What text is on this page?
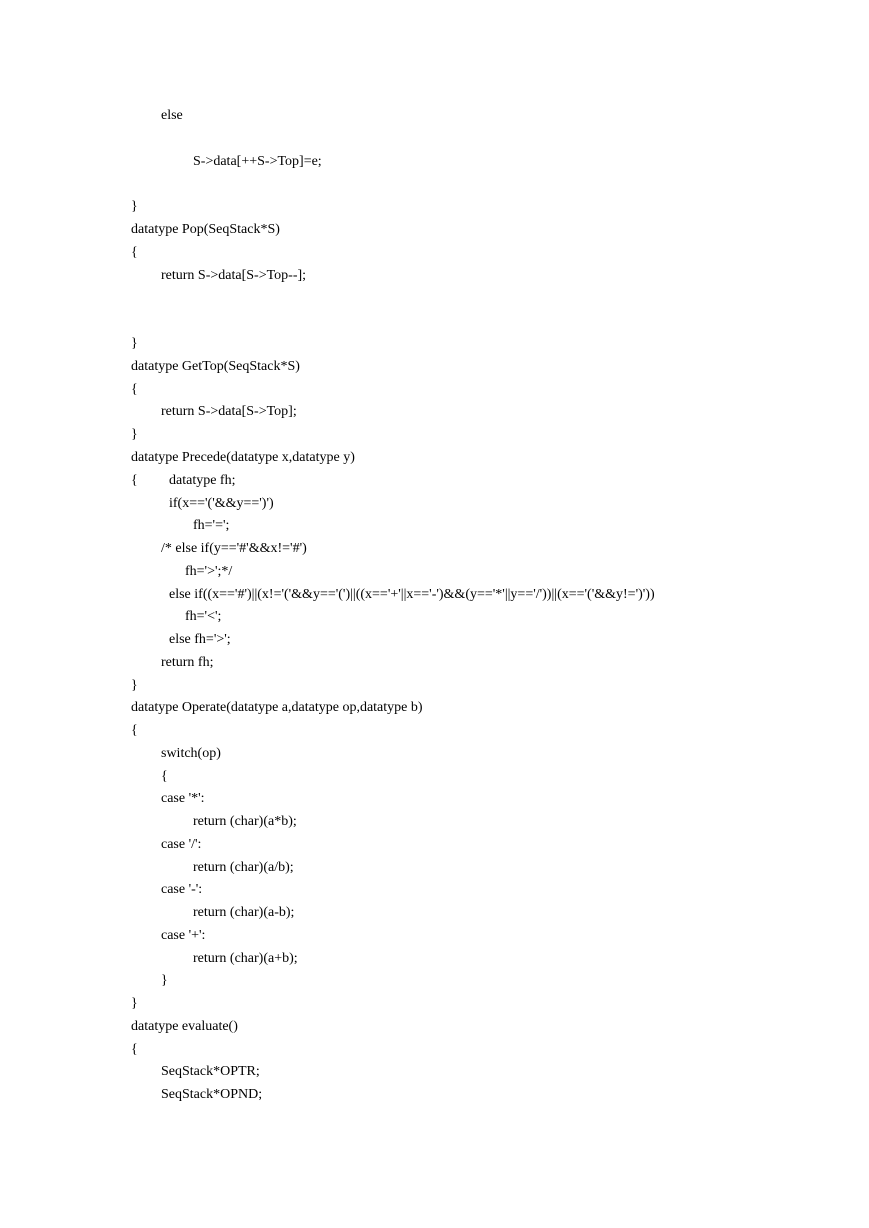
else
S->data[++S->Top]=e;
}
datatype Pop(SeqStack*S)
{
return S->data[S->Top--];
}
datatype GetTop(SeqStack*S)
{
return S->data[S->Top];
}
datatype Precede(datatype x,datatype y)
{ datatype fh;
if(x=='('&&y==')')
fh='=';
/* else if(y=='#'&&x!='#')
fh='>';*/
else if((x=='#')||(x!='('&&y=='(')||((x=='+'||x=='-')&&(y=='*'||y=='/'))||(x=='('&&y!=')'))
fh='<';
else fh='>';
return fh;
}
datatype Operate(datatype a,datatype op,datatype b)
{
switch(op)
{
case '*':
return (char)(a*b);
case '/':
return (char)(a/b);
case '-':
return (char)(a-b);
case '+':
return (char)(a+b);
}
}
datatype evaluate()
{
SeqStack*OPTR;
SeqStack*OPND;
